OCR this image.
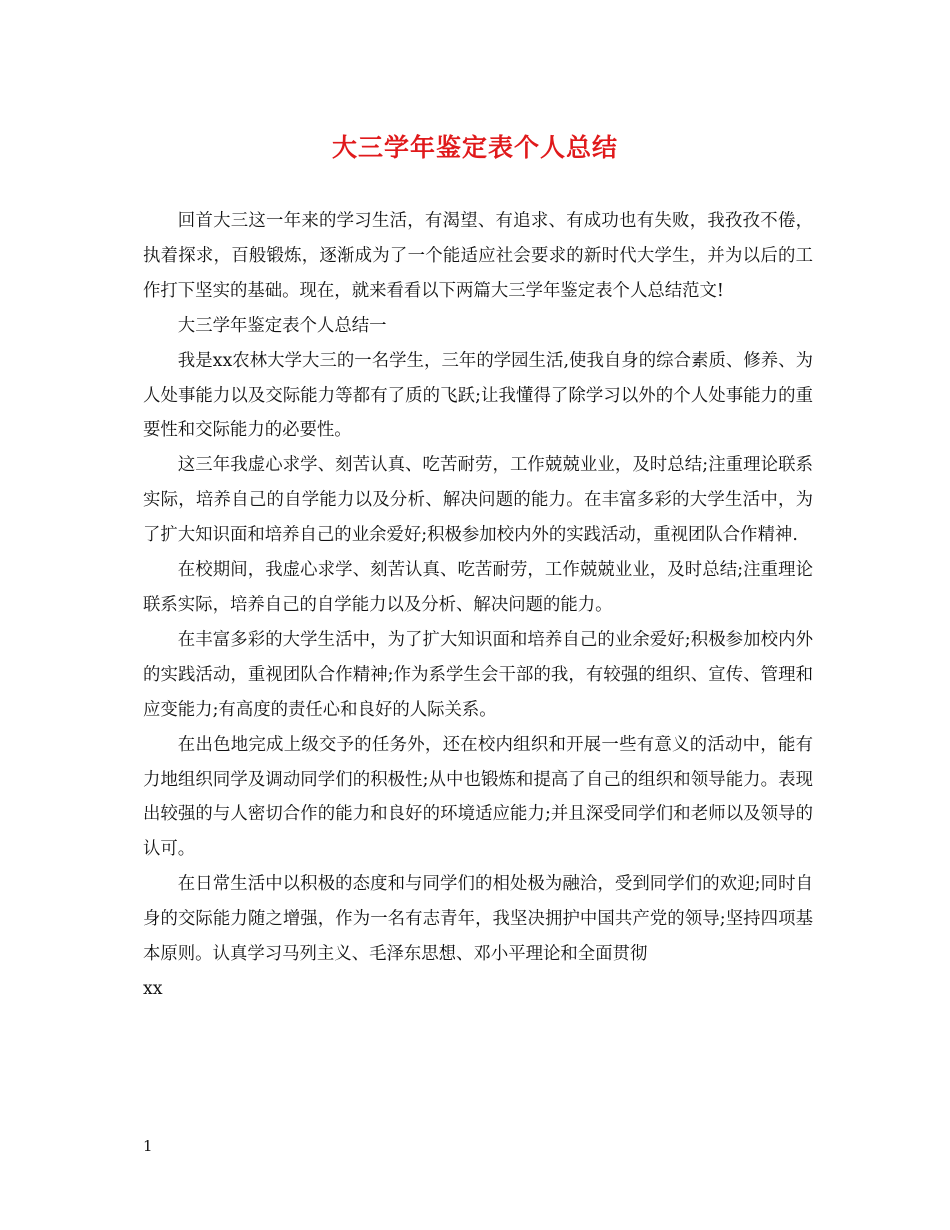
大三学年鉴定表个人总结

回首大三这一年来的学习生活，有渴望、有追求、有成功也有失败，我孜孜不倦，执着探求，百般锻炼，逐渐成为了一个能适应社会要求的新时代大学生，并为以后的工作打下坚实的基础。现在，就来看看以下两篇大三学年鉴定表个人总结范文!

大三学年鉴定表个人总结一

我是xx农林大学大三的一名学生，三年的学园生活,使我自身的综合素质、修养、为人处事能力以及交际能力等都有了质的飞跃;让我懂得了除学习以外的个人处事能力的重要性和交际能力的必要性。

这三年我虚心求学、刻苦认真、吃苦耐劳，工作兢兢业业，及时总结;注重理论联系实际，培养自己的自学能力以及分析、解决问题的能力。在丰富多彩的大学生活中，为了扩大知识面和培养自己的业余爱好;积极参加校内外的实践活动，重视团队合作精神.

在校期间，我虚心求学、刻苦认真、吃苦耐劳，工作兢兢业业，及时总结;注重理论联系实际，培养自己的自学能力以及分析、解决问题的能力。

在丰富多彩的大学生活中，为了扩大知识面和培养自己的业余爱好;积极参加校内外的实践活动，重视团队合作精神;作为系学生会干部的我，有较强的组织、宣传、管理和应变能力;有高度的责任心和良好的人际关系。

在出色地完成上级交予的任务外，还在校内组织和开展一些有意义的活动中，能有力地组织同学及调动同学们的积极性;从中也锻炼和提高了自己的组织和领导能力。表现出较强的与人密切合作的能力和良好的环境适应能力;并且深受同学们和老师以及领导的认可。

在日常生活中以积极的态度和与同学们的相处极为融洽，受到同学们的欢迎;同时自身的交际能力随之增强，作为一名有志青年，我坚决拥护中国共产党的领导;坚持四项基本原则。认真学习马列主义、毛泽东思想、邓小平理论和全面贯彻

xx

1
